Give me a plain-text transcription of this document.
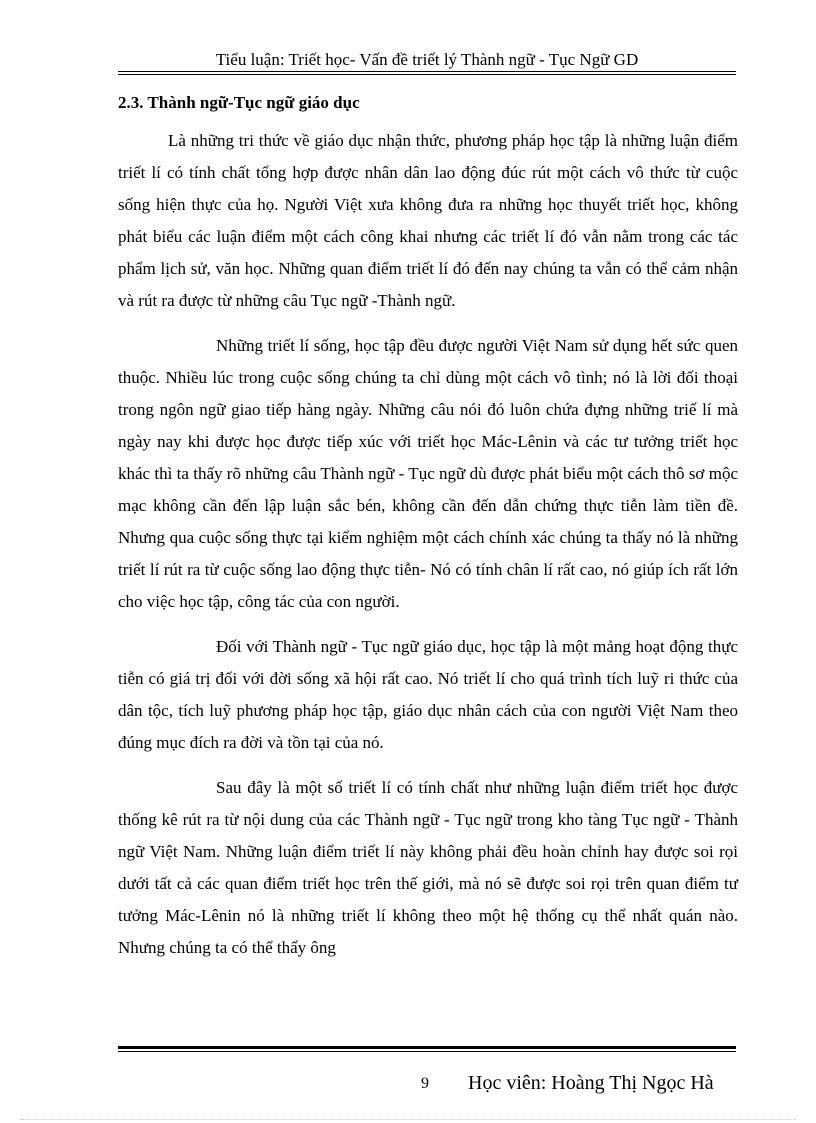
Tiểu luận: Triết học- Vấn đề triết lý Thành ngữ - Tục Ngữ GD
2.3. Thành ngữ-Tục ngữ giáo dục

Là những tri thức về giáo dục nhận thức, phương pháp học tập là những luận điểm triết lí có tính chất tổng hợp được nhân dân lao động đúc rút một cách vô thức từ cuộc sống hiện thực của họ. Người Việt xưa không đưa ra những học thuyết triết học, không phát biểu các luận điểm một cách công khai nhưng các triết lí đó vẫn nằm trong các tác phẩm lịch sử, văn học. Những quan điểm triết lí đó đến nay chúng ta vẫn có thể cảm nhận và rút ra được từ những câu Tục ngữ -Thành ngữ.

Những triết lí sống, học tập đều được người Việt Nam sử dụng hết sức quen thuộc. Nhiều lúc trong cuộc sống chúng ta chỉ dùng một cách vô tình; nó là lời đối thoại trong ngôn ngữ giao tiếp hàng ngày. Những câu nói đó luôn chứa đựng những triế lí mà ngày nay khi được học được tiếp xúc với triết học Mác-Lênin và các tư tưởng triết học khác thì ta thấy rõ những câu Thành ngữ - Tục ngữ dù được phát biểu một cách thô sơ mộc mạc không cần đến lập luận sắc bén, không cần đến dẫn chứng thực tiễn làm tiền đề. Nhưng qua cuộc sống thực tại kiểm nghiệm một cách chính xác chúng ta thấy nó là những triết lí rút ra từ cuộc sống lao động thực tiễn- Nó có tính chân lí rất cao, nó giúp ích rất lớn cho việc học tập, công tác của con người.

Đối với Thành ngữ - Tục ngữ giáo dục, học tập là một mảng hoạt động thực tiễn có giá trị đối với đời sống xã hội rất cao. Nó triết lí cho quá trình tích luỹ ri thức của dân tộc, tích luỹ phương pháp học tập, giáo dục nhân cách của con người Việt Nam theo đúng mục đích ra đời và tồn tại của nó.

Sau đây là một số triết lí có tính chất như những luận điểm triết học được thống kê rút ra từ nội dung của các Thành ngữ - Tục ngữ trong kho tàng Tục ngữ - Thành ngữ Việt Nam. Những luận điểm triết lí này không phải đều hoàn chỉnh hay được soi rọi dưới tất cả các quan điểm triết học trên thế giới, mà nó sẽ được soi rọi trên quan điểm tư tưởng Mác-Lênin nó là những triết lí không theo một hệ thống cụ thể nhất quán nào. Nhưng chúng ta có thể thấy ông

9 Học viên: Hoàng Thị Ngọc Hà
